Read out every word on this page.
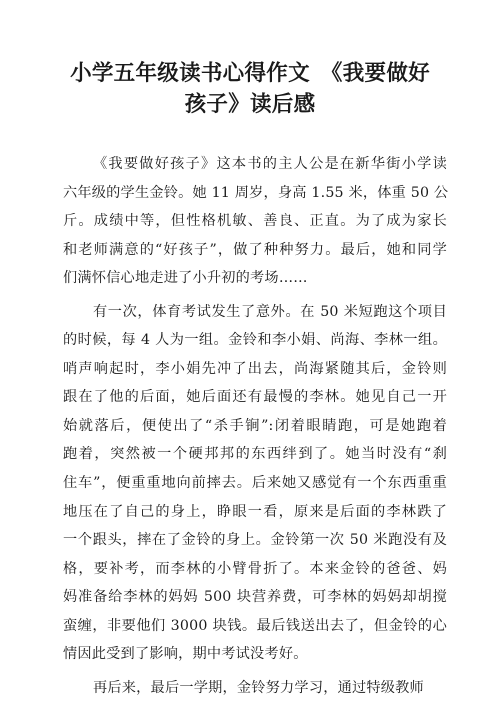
小学五年级读书心得作文　《我要做好
孩子》读后感
《我要做好孩子》这本书的主人公是在新华街小学读
六年级的学生金铃。她 11 周岁，身高 1.55 米，体重 50 公
斤。成绩中等，但性格机敏、善良、正直。为了成为家长
和老师满意的“好孩子”，做了种种努力。最后，她和同学
们满怀信心地走进了小升初的考场……
有一次，体育考试发生了意外。在 50 米短跑这个项目
的时候，每 4 人为一组。金铃和李小娟、尚海、李林一组。
哨声响起时，李小娟先冲了出去，尚海紧随其后，金铃则
跟在了他的后面，她后面还有最慢的李林。她见自己一开
始就落后，便使出了“杀手锏”:闭着眼睛跑，可是她跑着
跑着，突然被一个硬邦邦的东西绊到了。她当时没有“刹
住车”，便重重地向前摔去。后来她又感觉有一个东西重重
地压在了自己的身上，睁眼一看，原来是后面的李林跌了
一个跟头，摔在了金铃的身上。金铃第一次 50 米跑没有及
格，要补考，而李林的小臂骨折了。本来金铃的爸爸、妈
妈准备给李林的妈妈 500 块营养费，可李林的妈妈却胡搅
蛮缠，非要他们 3000 块钱。最后钱送出去了，但金铃的心
情因此受到了影响，期中考试没考好。
再后来，最后一学期，金铃努力学习，通过特级教师
